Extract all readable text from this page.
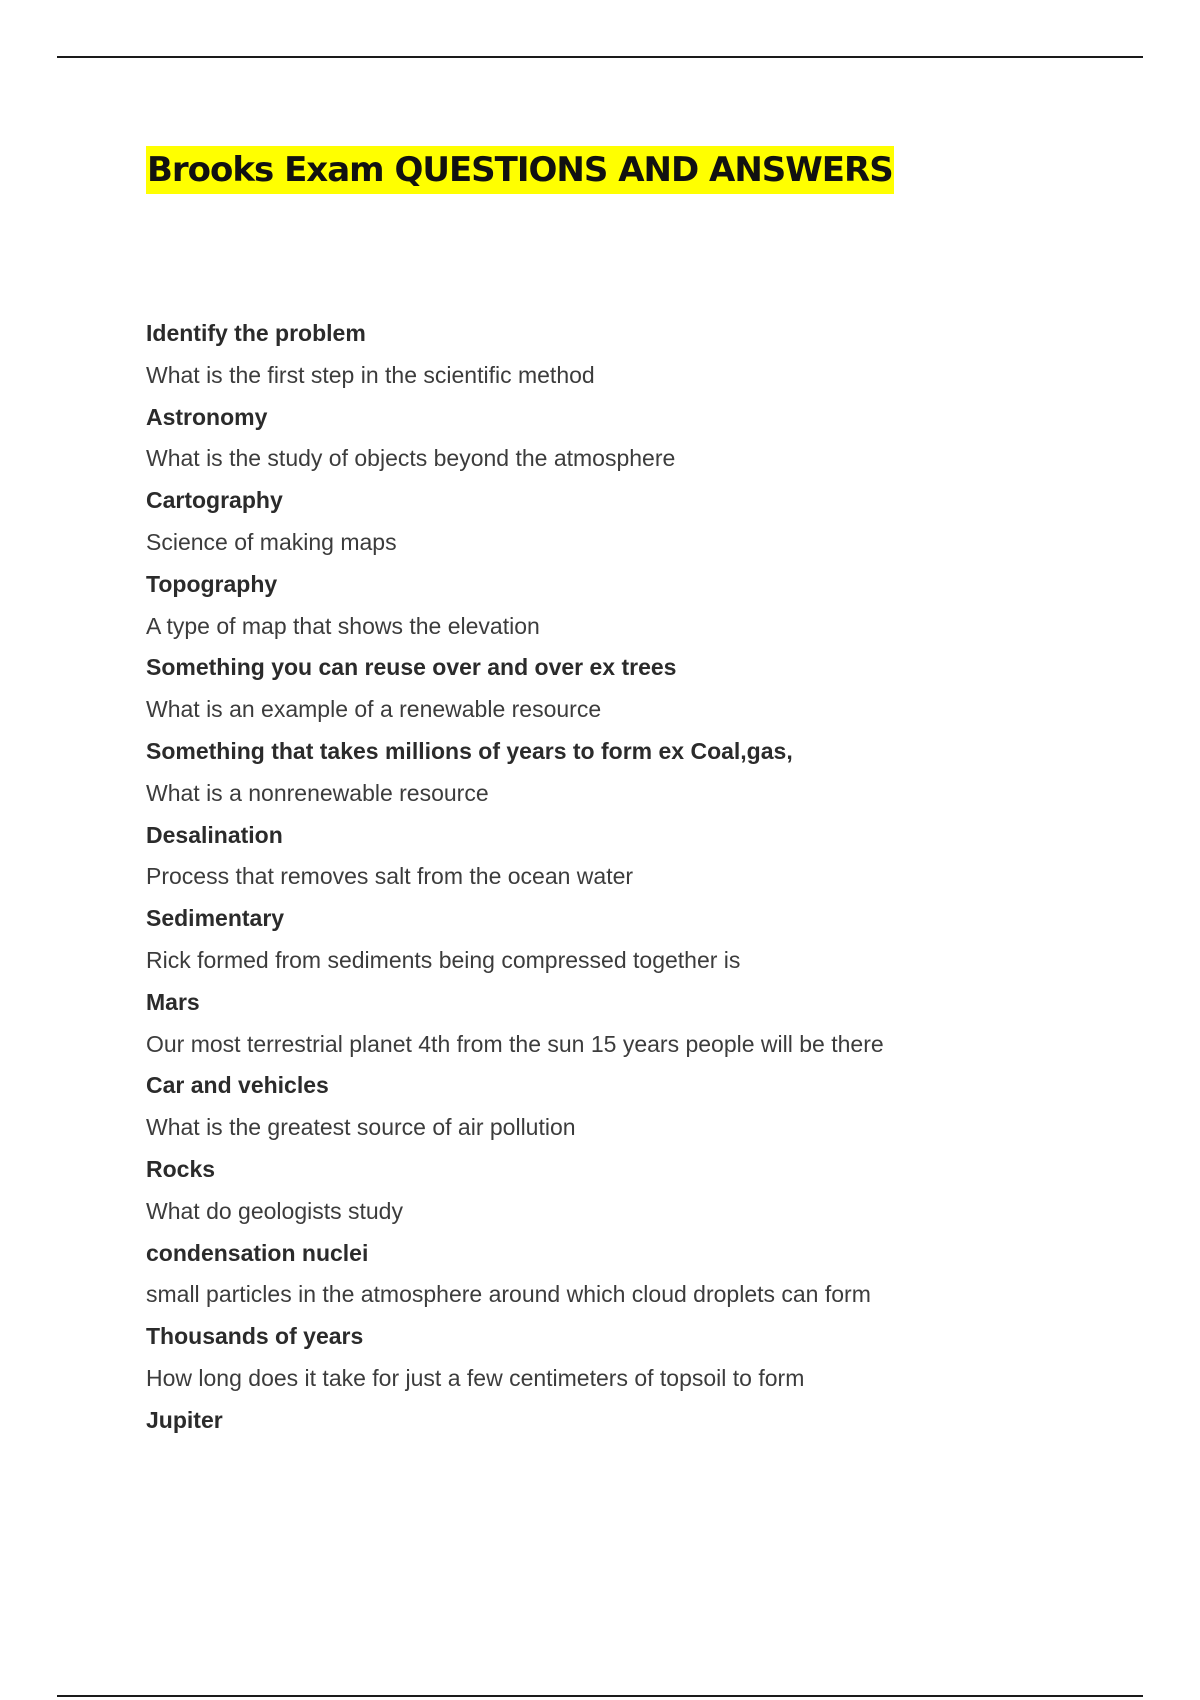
Brooks Exam QUESTIONS AND ANSWERS
Identify the problem
What is the first step in the scientific method
Astronomy
What is the study of objects beyond the atmosphere
Cartography
Science of making maps
Topography
A type of map that shows the elevation
Something you can reuse over and over ex trees
What is an example of a renewable resource
Something that takes millions of years to form ex Coal,gas,
What is a nonrenewable resource
Desalination
Process that removes salt from the ocean water
Sedimentary
Rick formed from sediments being compressed together is
Mars
Our most terrestrial planet 4th from the sun 15 years people will be there
Car and vehicles
What is the greatest source of air pollution
Rocks
What do geologists study
condensation nuclei
small particles in the atmosphere around which cloud droplets can form
Thousands of years
How long does it take for just a few centimeters of topsoil to form
Jupiter
